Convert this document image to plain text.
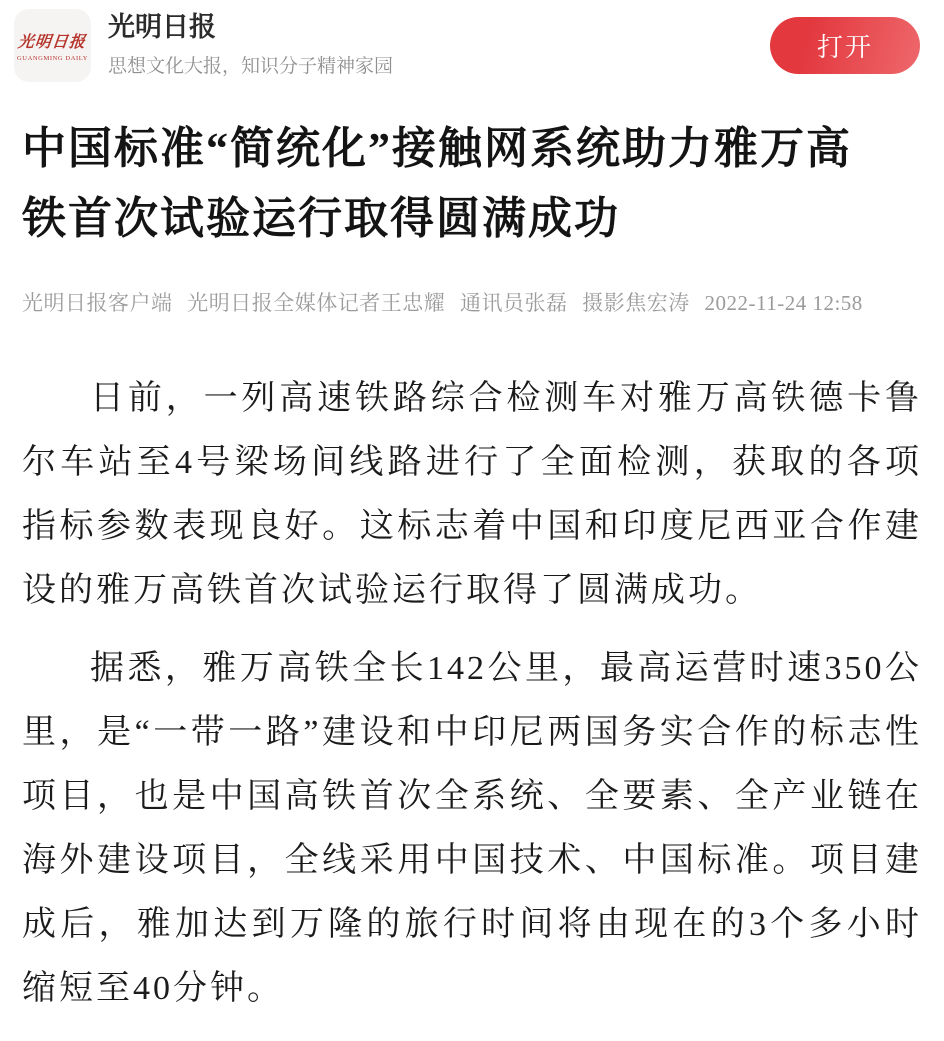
光明日报
GUANGMING DAILY
光明日报
思想文化大报，知识分子精神家园
打开
中国标准“简统化”接触网系统助力雅万高
铁首次试验运行取得圆满成功

光明日报客户端 光明日报全媒体记者王忠耀 通讯员张磊 摄影焦宏涛 2022-11-24 12:58

日前，一列高速铁路综合检测车对雅万高铁德卡鲁尔车站至4号梁场间线路进行了全面检测，获取的各项指标参数表现良好。这标志着中国和印度尼西亚合作建设的雅万高铁首次试验运行取得了圆满成功。

据悉，雅万高铁全长142公里，最高运营时速350公里，是“一带一路”建设和中印尼两国务实合作的标志性项目，也是中国高铁首次全系统、全要素、全产业链在海外建设项目，全线采用中国技术、中国标准。项目建成后，雅加达到万隆的旅行时间将由现在的3个多小时缩短至40分钟。
